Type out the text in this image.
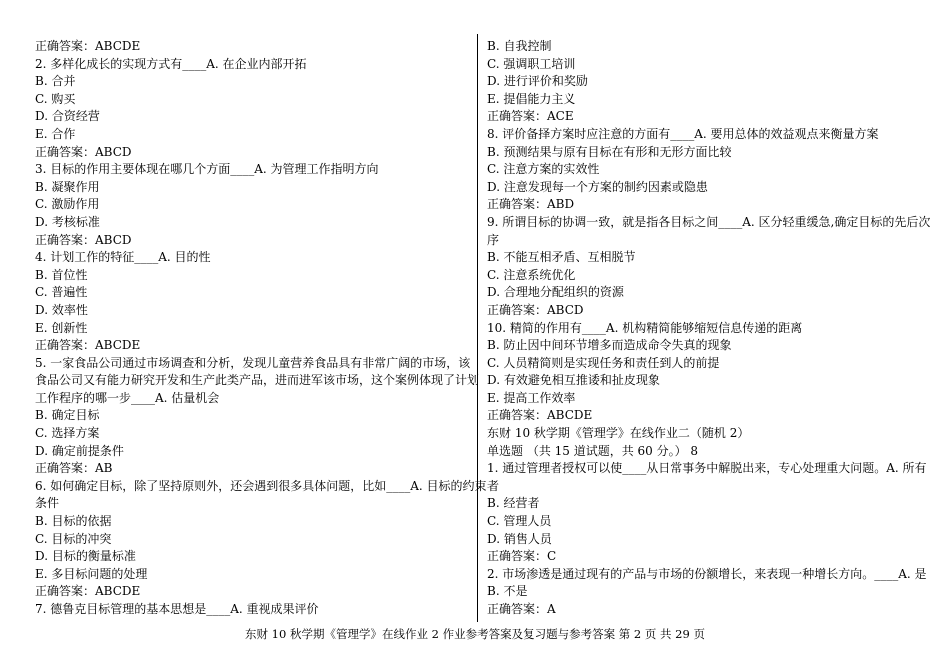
正确答案：ABCDE
2. 多样化成长的实现方式有____A. 在企业内部开拓
B. 合并
C. 购买
D. 合资经营
E. 合作
正确答案：ABCD
3. 目标的作用主要体现在哪几个方面____A. 为管理工作指明方向
B. 凝聚作用
C. 激励作用
D. 考核标准
正确答案：ABCD
4. 计划工作的特征____A. 目的性
B. 首位性
C. 普遍性
D. 效率性
E. 创新性
正确答案：ABCDE
5. 一家食品公司通过市场调查和分析，发现儿童营养食品具有非常广阔的市场，该
食品公司又有能力研究开发和生产此类产品，进而进军该市场，这个案例体现了计划
工作程序的哪一步____A. 估量机会
B. 确定目标
C. 选择方案
D. 确定前提条件
正确答案：AB
6. 如何确定目标，除了坚持原则外，还会遇到很多具体问题，比如____A. 目标的约束
条件
B. 目标的依据
C. 目标的冲突
D. 目标的衡量标准
E. 多目标问题的处理
正确答案：ABCDE
7. 德鲁克目标管理的基本思想是____A. 重视成果评价
B. 自我控制
C. 强调职工培训
D. 进行评价和奖励
E. 提倡能力主义
正确答案：ACE
8. 评价备择方案时应注意的方面有____A. 要用总体的效益观点来衡量方案
B. 预测结果与原有目标在有形和无形方面比较
C. 注意方案的实效性
D. 注意发现每一个方案的制约因素或隐患
正确答案：ABD
9. 所谓目标的协调一致，就是指各目标之间____A. 区分轻重缓急,确定目标的先后次
序
B. 不能互相矛盾、互相脱节
C. 注意系统优化
D. 合理地分配组织的资源
正确答案：ABCD
10. 精简的作用有____A. 机构精简能够缩短信息传递的距离
B. 防止因中间环节增多而造成命令失真的现象
C. 人员精简则是实现任务和责任到人的前提
D. 有效避免相互推诿和扯皮现象
E. 提高工作效率
正确答案：ABCDE
东财 10 秋学期《管理学》在线作业二（随机 2）
单选题 （共 15 道试题，共 60 分。） 8
1. 通过管理者授权可以使____从日常事务中解脱出来，专心处理重大问题。A. 所有
者
B. 经营者
C. 管理人员
D. 销售人员
正确答案：C
2. 市场渗透是通过现有的产品与市场的份额增长，来表现一种增长方向。____A. 是
B. 不是
正确答案：A
东财 10 秋学期《管理学》在线作业 2 作业参考答案及复习题与参考答案 第 2 页 共 29 页
